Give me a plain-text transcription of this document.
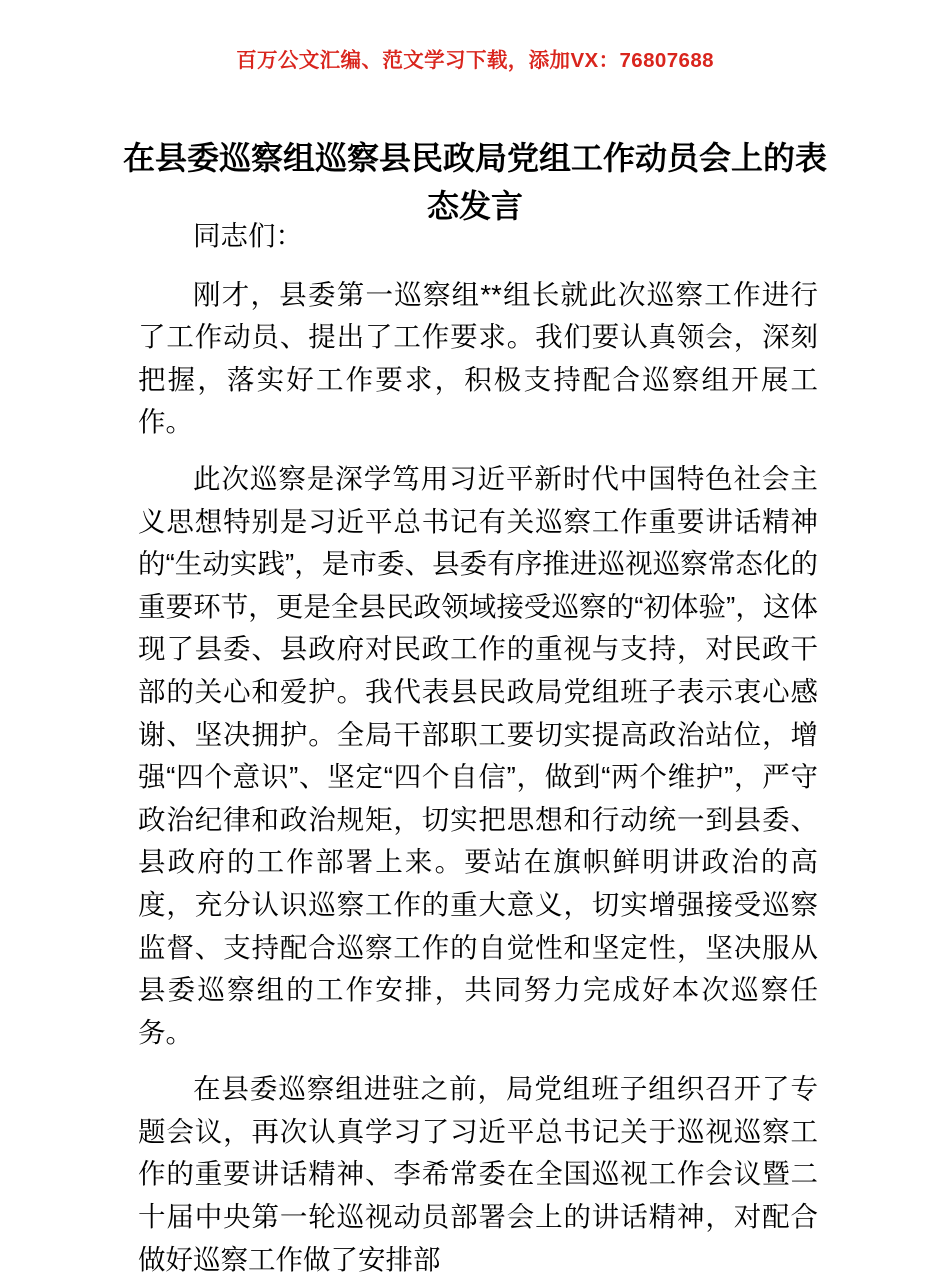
百万公文汇编、范文学习下载，添加VX：76807688
在县委巡察组巡察县民政局党组工作动员会上的表态发言

同志们：

刚才，县委第一巡察组**组长就此次巡察工作进行了工作动员、提出了工作要求。我们要认真领会，深刻把握，落实好工作要求，积极支持配合巡察组开展工作。

此次巡察是深学笃用习近平新时代中国特色社会主义思想特别是习近平总书记有关巡察工作重要讲话精神的“生动实践”，是市委、县委有序推进巡视巡察常态化的重要环节，更是全县民政领域接受巡察的“初体验”，这体现了县委、县政府对民政工作的重视与支持，对民政干部的关心和爱护。我代表县民政局党组班子表示衷心感谢、坚决拥护。全局干部职工要切实提高政治站位，增强“四个意识”、坚定“四个自信”，做到“两个维护”，严守政治纪律和政治规矩，切实把思想和行动统一到县委、县政府的工作部署上来。要站在旗帜鲜明讲政治的高度，充分认识巡察工作的重大意义，切实增强接受巡察监督、支持配合巡察工作的自觉性和坚定性，坚决服从县委巡察组的工作安排，共同努力完成好本次巡察任务。

在县委巡察组进驻之前，局党组班子组织召开了专题会议，再次认真学习了习近平总书记关于巡视巡察工作的重要讲话精神、李希常委在全国巡视工作会议暨二十届中央第一轮巡视动员部署会上的讲话精神，对配合做好巡察工作做了安排部
